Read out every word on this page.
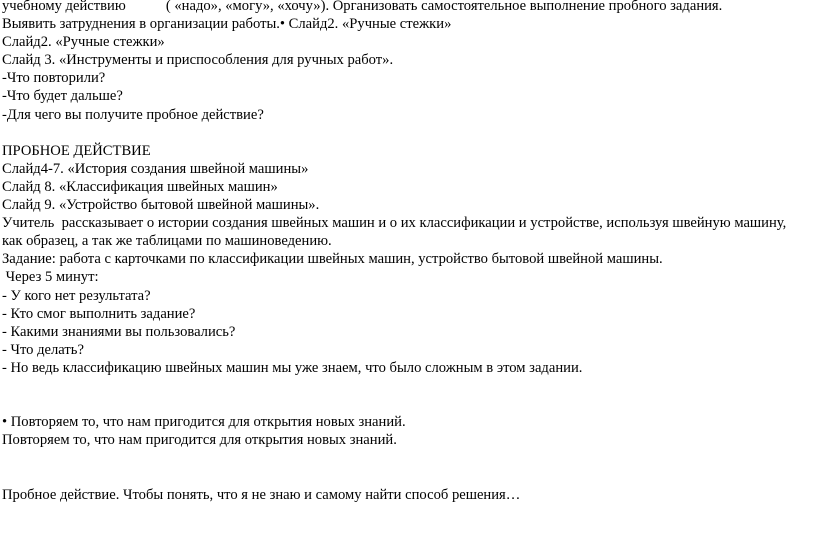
учебному действию           ( «надо», «могу», «хочу»). Организовать самостоятельное выполнение пробного задания.
Выявить затруднения в организации работы.• Слайд2. «Ручные стежки»
Слайд2. «Ручные стежки»
Слайд 3. «Инструменты и приспособления для ручных работ».
-Что повторили?
-Что будет дальше?
-Для чего вы получите пробное действие?
ПРОБНОЕ ДЕЙСТВИЕ
Слайд4-7. «История создания швейной машины»
Слайд 8. «Классификация швейных машин»
Слайд 9. «Устройство бытовой швейной машины».
Учитель  рассказывает о истории создания швейных машин и о их классификации и устройстве, используя швейную машину,
как образец, а так же таблицами по машиноведению.
Задание: работа с карточками по классификации швейных машин, устройство бытовой швейной машины.
Через 5 минут:
- У кого нет результата?
- Кто смог выполнить задание?
- Какими знаниями вы пользовались?
- Что делать?
- Но ведь классификацию швейных машин мы уже знаем, что было сложным в этом задании.
• Повторяем то, что нам пригодится для открытия новых знаний.
Повторяем то, что нам пригодится для открытия новых знаний.
Пробное действие. Чтобы понять, что я не знаю и самому найти способ решения…
